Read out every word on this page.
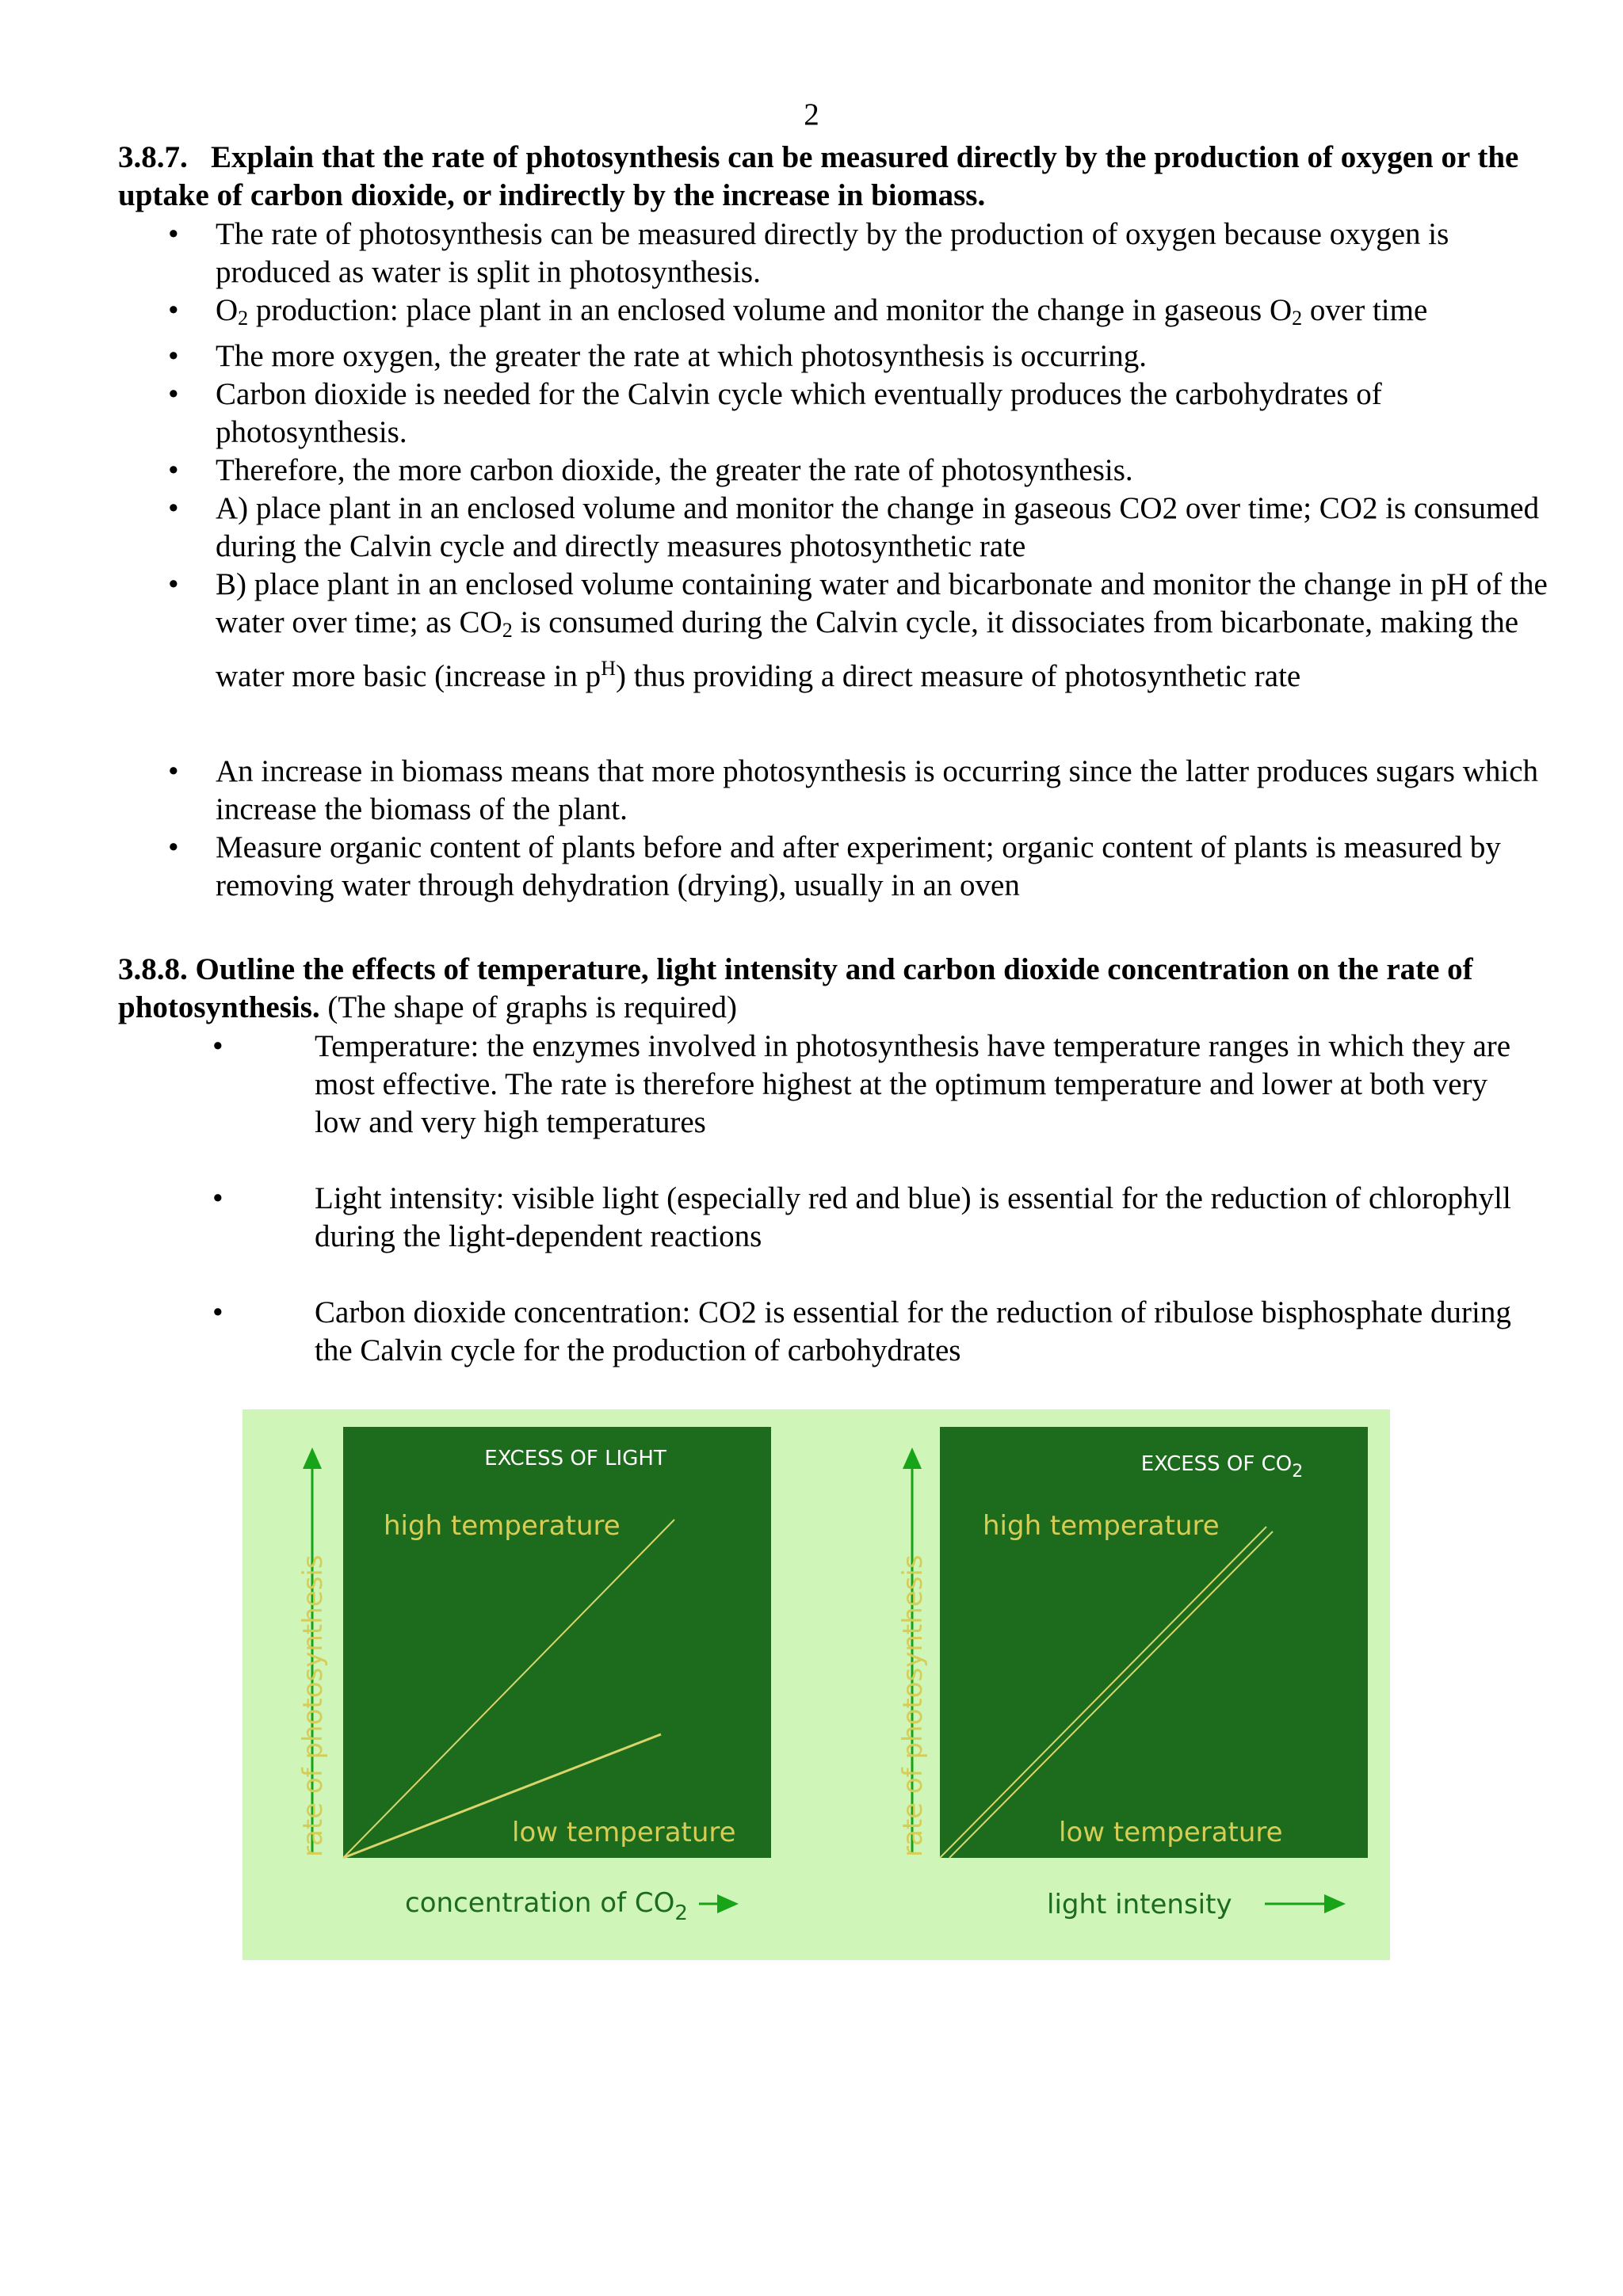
2
3.8.7. Explain that the rate of photosynthesis can be measured directly by the production of oxygen or the uptake of carbon dioxide, or indirectly by the increase in biomass.
• The rate of photosynthesis can be measured directly by the production of oxygen because oxygen is produced as water is split in photosynthesis.
• $O_2$ production: place plant in an enclosed volume and monitor the change in gaseous $O_2$ over time
• The more oxygen, the greater the rate at which photosynthesis is occurring.
• Carbon dioxide is needed for the Calvin cycle which eventually produces the carbohydrates of photosynthesis.
• Therefore, the more carbon dioxide, the greater the rate of photosynthesis.
• A) place plant in an enclosed volume and monitor the change in gaseous CO2 over time; CO2 is consumed during the Calvin cycle and directly measures photosynthetic rate
• B) place plant in an enclosed volume containing water and bicarbonate and monitor the change in pH of the water over time; as $CO_2$ is consumed during the Calvin cycle, it dissociates from bicarbonate, making the water more basic (increase in $p^H$) thus providing a direct measure of photosynthetic rate
• An increase in biomass means that more photosynthesis is occurring since the latter produces sugars which increase the biomass of the plant.
• Measure organic content of plants before and after experiment; organic content of plants is measured by removing water through dehydration (drying), usually in an oven
3.8.8. Outline the effects of temperature, light intensity and carbon dioxide concentration on the rate of photosynthesis. (The shape of graphs is required)
• Temperature: the enzymes involved in photosynthesis have temperature ranges in which they are most effective. The rate is therefore highest at the optimum temperature and lower at both very low and very high temperatures
• Light intensity: visible light (especially red and blue) is essential for the reduction of chlorophyll during the light-dependent reactions
• Carbon dioxide concentration: CO2 is essential for the reduction of ribulose bisphosphate during the Calvin cycle for the production of carbohydrates
EXCESS OF LIGHT
rate of photosynthesis
high temperature
low temperature
concentration of $CO_2$
EXCESS OF $CO_2$
rate of photosynthesis
high temperature
low temperature
light intensity
